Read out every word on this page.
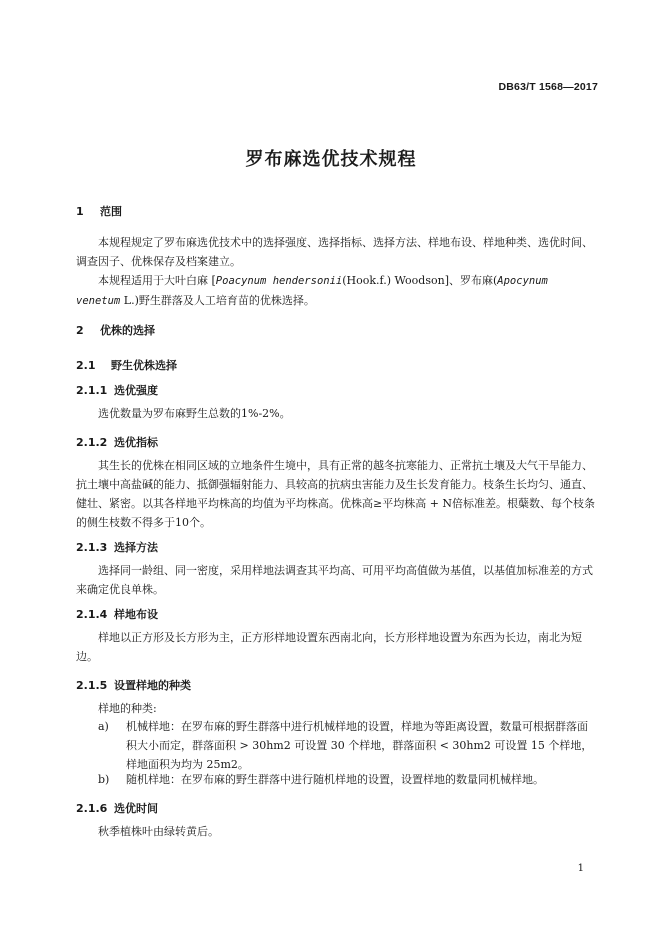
DB63/T 1568—2017
罗布麻选优技术规程
1 范围
本规程规定了罗布麻选优技术中的选择强度、选择指标、选择方法、样地布设、样地种类、选优时间、调查因子、优株保存及档案建立。
本规程适用于大叶白麻 [Poacynum hendersonii(Hook.f.) Woodson]、罗布麻(Apocynum venetum L.)野生群落及人工培育苗的优株选择。
2 优株的选择
2.1 野生优株选择
2.1.1 选优强度
选优数量为罗布麻野生总数的1%-2%。
2.1.2 选优指标
其生长的优株在相同区域的立地条件生境中，具有正常的越冬抗寒能力、正常抗土壤及大气干旱能力、抗土壤中高盐碱的能力、抵御强辐射能力、具较高的抗病虫害能力及生长发育能力。枝条生长均匀、通直、健壮、紧密。以其各样地平均株高的均值为平均株高。优株高≥平均株高 + N倍标准差。根蘖数、每个枝条的侧生枝数不得多于10个。
2.1.3 选择方法
选择同一龄组、同一密度，采用样地法调查其平均高、可用平均高值做为基值，以基值加标准差的方式来确定优良单株。
2.1.4 样地布设
样地以正方形及长方形为主，正方形样地设置东西南北向，长方形样地设置为东西为长边，南北为短边。
2.1.5 设置样地的种类
样地的种类:
a)	机械样地：在罗布麻的野生群落中进行机械样地的设置，样地为等距离设置，数量可根据群落面积大小而定，群落面积 > 30hm2 可设置 30 个样地，群落面积 < 30hm2 可设置 15 个样地，样地面积为均为 25m2。
b)	随机样地：在罗布麻的野生群落中进行随机样地的设置，设置样地的数量同机械样地。
2.1.6 选优时间
秋季植株叶由绿转黄后。
1
